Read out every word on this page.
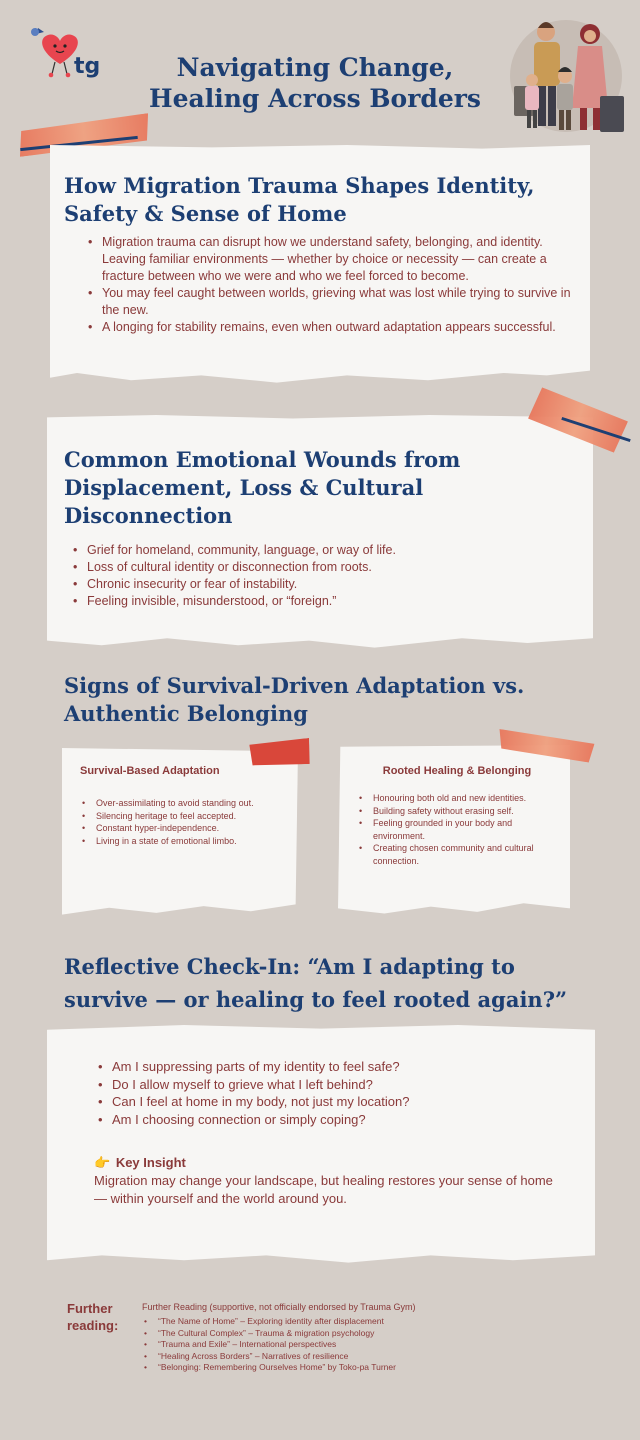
tg	Navigating Change, Healing Across Borders
How Migration Trauma Shapes Identity, Safety & Sense of Home
• Migration trauma can disrupt how we understand safety, belonging, and identity. Leaving familiar environments — whether by choice or necessity — can create a fracture between who we were and who we feel forced to become.
• You may feel caught between worlds, grieving what was lost while trying to survive in the new.
• A longing for stability remains, even when outward adaptation appears successful.
Common Emotional Wounds from Displacement, Loss & Cultural Disconnection
• Grief for homeland, community, language, or way of life.
• Loss of cultural identity or disconnection from roots.
• Chronic insecurity or fear of instability.
• Feeling invisible, misunderstood, or “foreign.”
Signs of Survival-Driven Adaptation vs. Authentic Belonging

Survival-Based Adaptation

• Over-assimilating to avoid standing out.
• Silencing heritage to feel accepted.
• Constant hyper-independence.
• Living in a state of emotional limbo.

Rooted Healing & Belonging

• Honouring both old and new identities.
• Building safety without erasing self.
• Feeling grounded in your body and environment.
• Creating chosen community and cultural connection.
Reflective Check-In: “Am I adapting to survive — or healing to feel rooted again?”
• Am I suppressing parts of my identity to feel safe?
• Do I allow myself to grieve what I left behind?
• Can I feel at home in my body, not just my location?
• Am I choosing connection or simply coping?
👉 Key Insight
Migration may change your landscape, but healing restores your sense of home — within yourself and the world around you.
Further reading:
Further Reading (supportive, not officially endorsed by Trauma Gym)
• “The Name of Home” – Exploring identity after displacement
• “The Cultural Complex” – Trauma & migration psychology
• “Trauma and Exile” – International perspectives
• “Healing Across Borders” – Narratives of resilience
• “Belonging: Remembering Ourselves Home” by Toko-pa Turner
